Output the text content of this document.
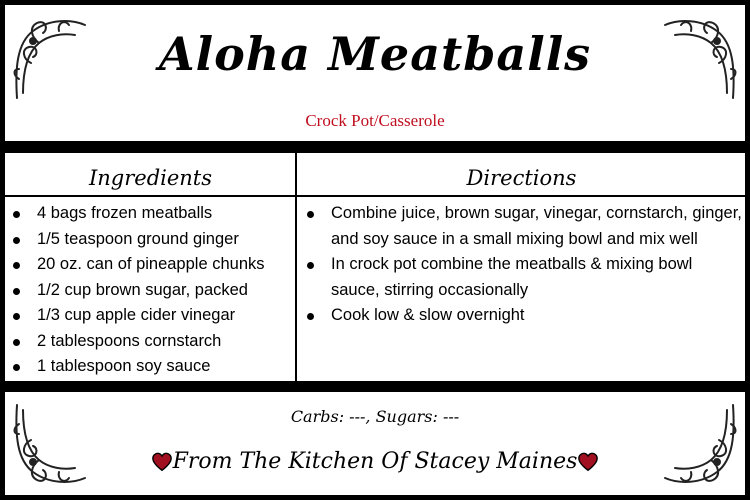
Aloha Meatballs
Crock Pot/Casserole
Ingredients	Directions
4 bags frozen meatballs
1/5 teaspoon ground ginger
20 oz. can of pineapple chunks
1/2 cup brown sugar, packed
1/3 cup apple cider vinegar
2 tablespoons cornstarch
1 tablespoon soy sauce
Combine juice, brown sugar, vinegar, cornstarch, ginger, and soy sauce in a small mixing bowl and mix well
In crock pot combine the meatballs & mixing bowl sauce, stirring occasionally
Cook low & slow overnight
Carbs: ---, Sugars: ---
From The Kitchen Of Stacey Maines
